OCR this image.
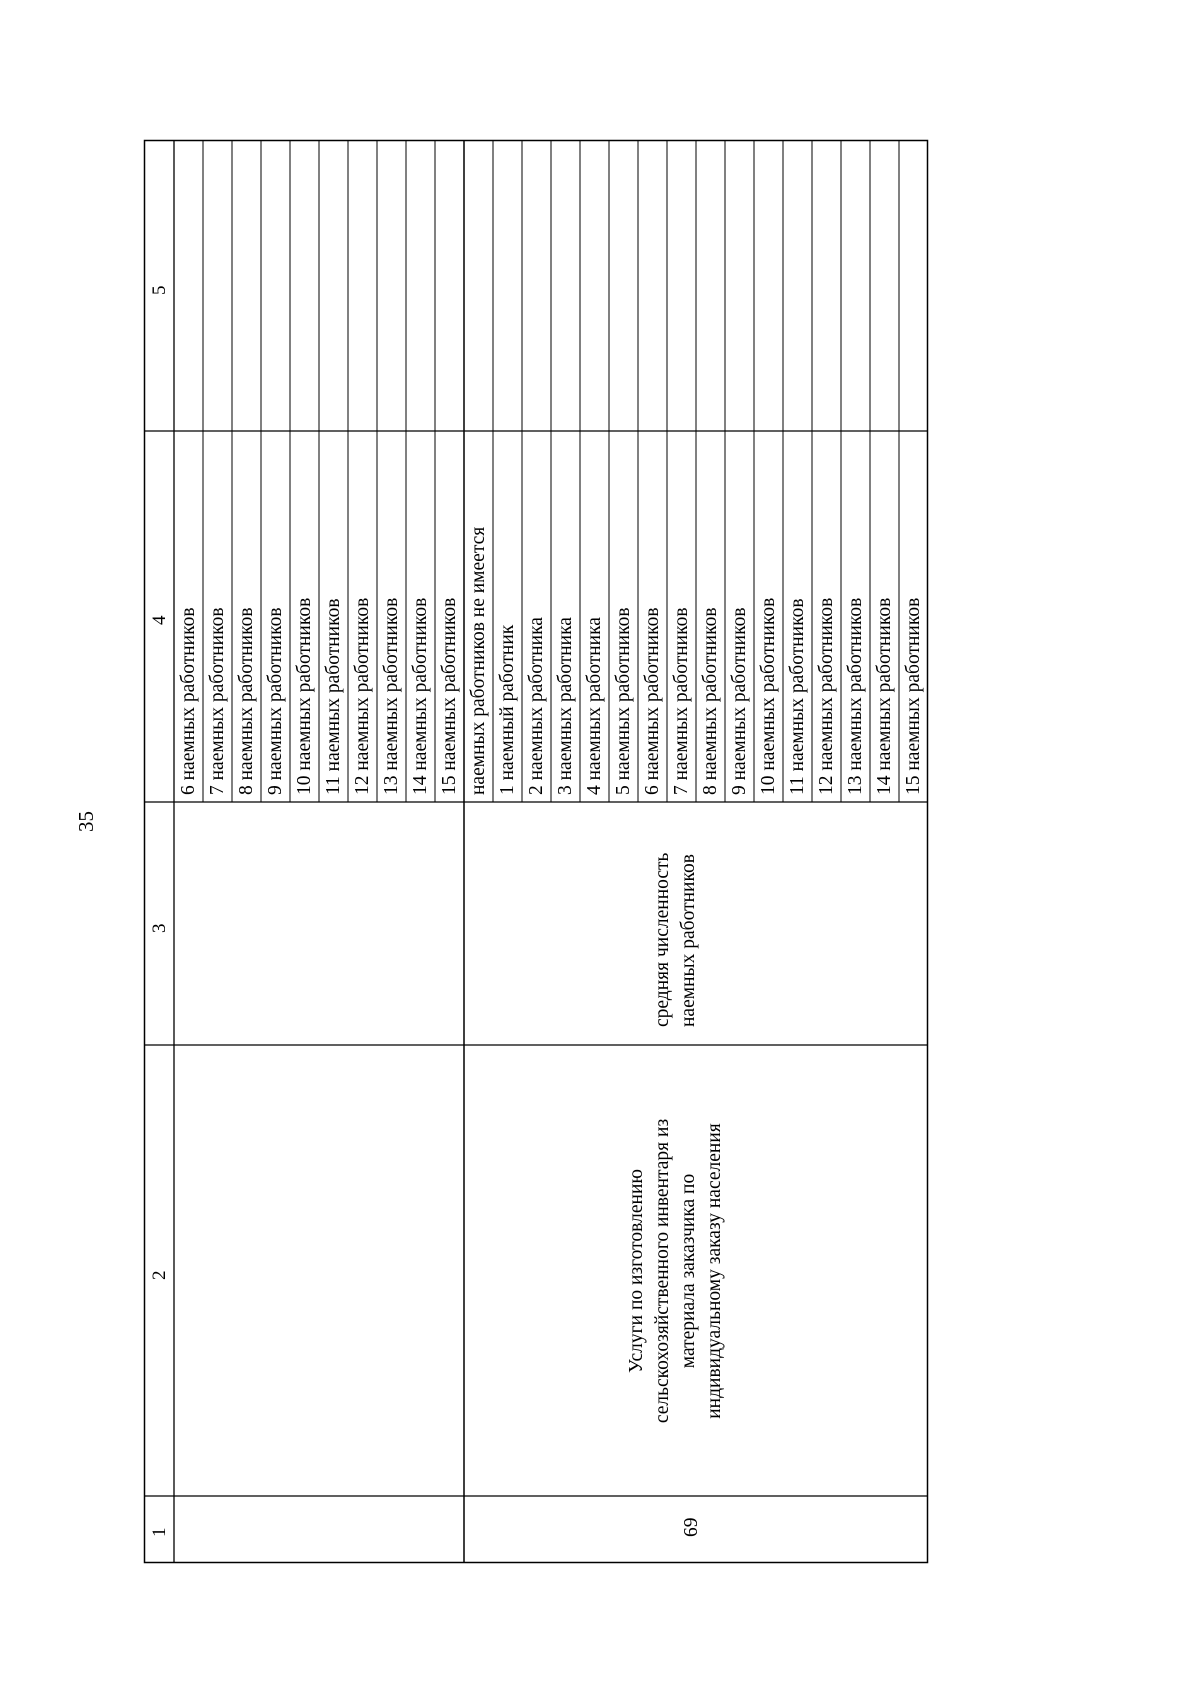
35
1
2
3
4
5
69
Услуги по изготовлению сельскохозяйственного инвентаря из материала заказчика по индивидуальному заказу населения
средняя численность наемных работников
6 наемных работников 7 наемных работников 8 наемных работников 9 наемных работников 10 наемных работников 11 наемных работников 12 наемных работников 13 наемных работников 14 наемных работников 15 наемных работников наемных работников не имеется 1 наемный работник 2 наемных работника 3 наемных работника 4 наемных работника 5 наемных работников 6 наемных работников 7 наемных работников 8 наемных работников 9 наемных работников 10 наемных работников 11 наемных работников 12 наемных работников 13 наемных работников 14 наемных работников 15 наемных работников
